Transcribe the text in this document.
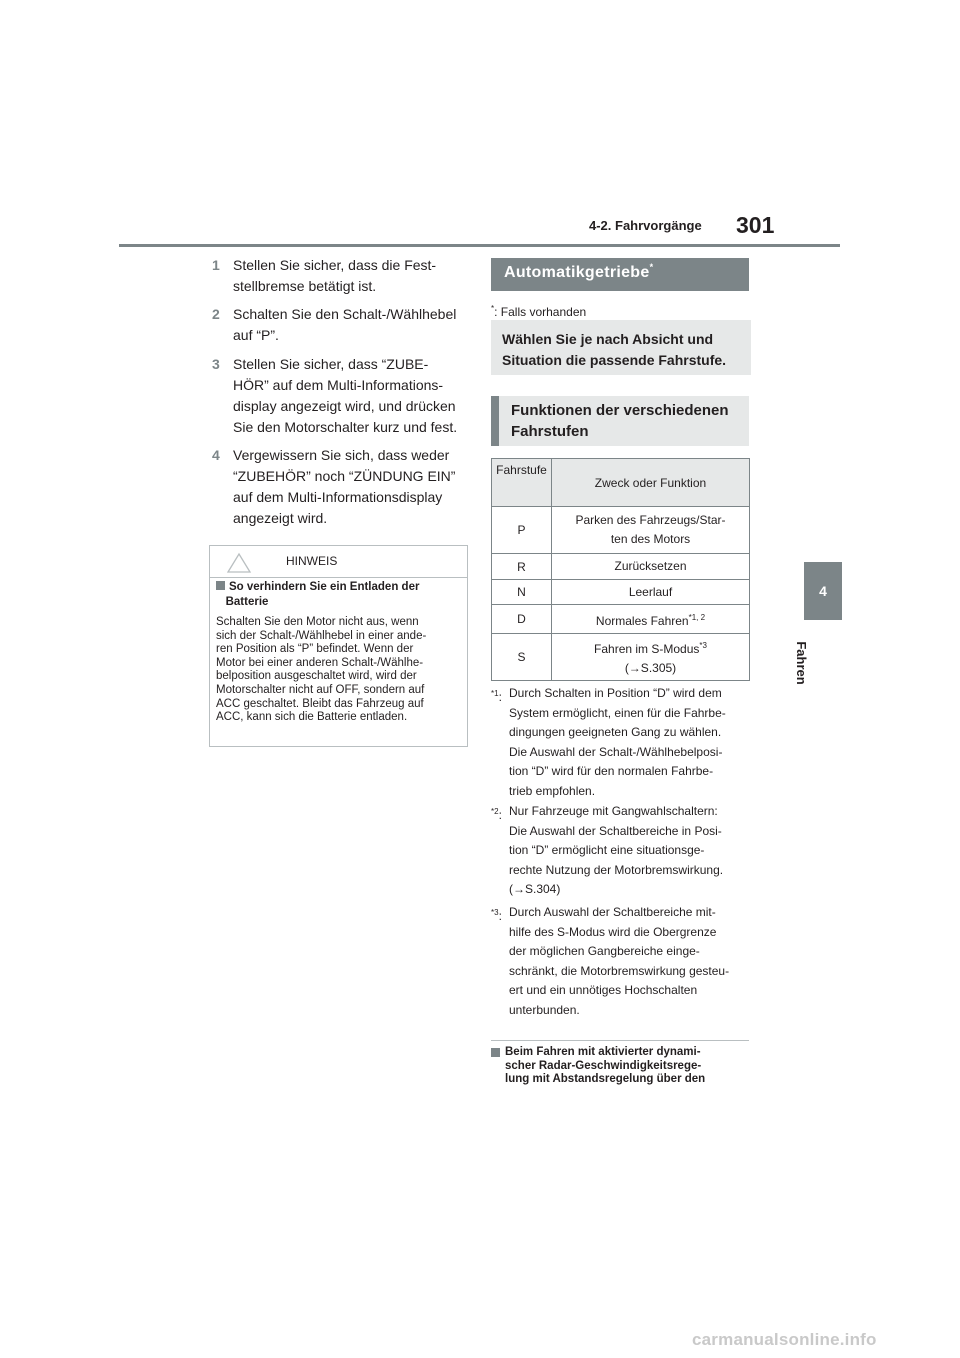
4-2. Fahrvorgänge 301
4
Fahren
1 Stellen Sie sicher, dass die Fest-
stellbremse betätigt ist.
2 Schalten Sie den Schalt-/Wählhebel
auf “P”.
3 Stellen Sie sicher, dass “ZUBE-
HÖR” auf dem Multi-Informations-
display angezeigt wird, und drücken
Sie den Motorschalter kurz und fest.
4 Vergewissern Sie sich, dass weder
“ZUBEHÖR” noch “ZÜNDUNG EIN”
auf dem Multi-Informationsdisplay
angezeigt wird.
HINWEIS
So verhindern Sie ein Entladen der
Batterie
Schalten Sie den Motor nicht aus, wenn
sich der Schalt-/Wählhebel in einer ande-
ren Position als “P” befindet. Wenn der
Motor bei einer anderen Schalt-/Wählhe-
belposition ausgeschaltet wird, wird der
Motorschalter nicht auf OFF, sondern auf
ACC geschaltet. Bleibt das Fahrzeug auf
ACC, kann sich die Batterie entladen.
Automatikgetriebe*
*: Falls vorhanden
Wählen Sie je nach Absicht und
Situation die passende Fahrstufe.
Funktionen der verschiedenen
Fahrstufen
Fahrstufe	Zweck oder Funktion
P	Parken des Fahrzeugs/Star-
ten des Motors
R	Zurücksetzen
N	Leerlauf
D	Normales Fahren$^{*1, 2}$
S	Fahren im S-Modus$^{*3}$
(→S.305)
$^{*1}$: Durch Schalten in Position “D” wird dem
System ermöglicht, einen für die Fahrbe-
dingungen geeigneten Gang zu wählen.
Die Auswahl der Schalt-/Wählhebelposi-
tion “D” wird für den normalen Fahrbe-
trieb empfohlen.
$^{*2}$: Nur Fahrzeuge mit Gangwahlschaltern:
Die Auswahl der Schaltbereiche in Posi-
tion “D” ermöglicht eine situationsge-
rechte Nutzung der Motorbremswirkung.
(→S.304)
$^{*3}$: Durch Auswahl der Schaltbereiche mit-
hilfe des S-Modus wird die Obergrenze
der möglichen Gangbereiche einge-
schränkt, die Motorbremswirkung gesteu-
ert und ein unnötiges Hochschalten
unterbunden.
Beim Fahren mit aktivierter dynami-
scher Radar-Geschwindigkeitsrege-
lung mit Abstandsregelung über den
carmanualsonline.info
